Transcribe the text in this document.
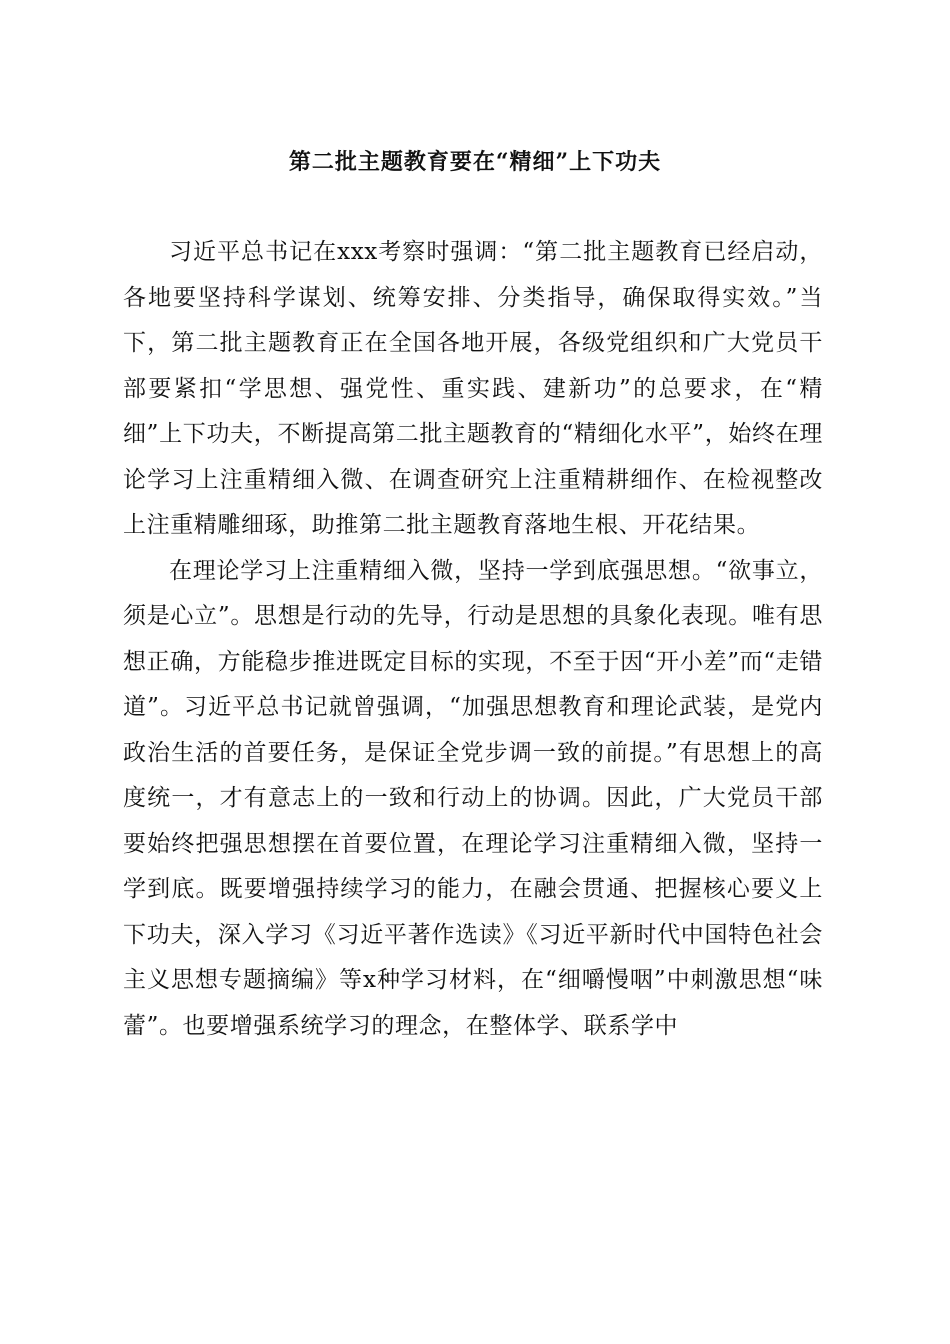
第二批主题教育要在“精细”上下功夫

习近平总书记在xxx考察时强调：“第二批主题教育已经启动，各地要坚持科学谋划、统筹安排、分类指导，确保取得实效。”当下，第二批主题教育正在全国各地开展，各级党组织和广大党员干部要紧扣“学思想、强党性、重实践、建新功”的总要求，在“精细”上下功夫，不断提高第二批主题教育的“精细化水平”，始终在理论学习上注重精细入微、在调查研究上注重精耕细作、在检视整改上注重精雕细琢，助推第二批主题教育落地生根、开花结果。

在理论学习上注重精细入微，坚持一学到底强思想。“欲事立，须是心立”。思想是行动的先导，行动是思想的具象化表现。唯有思想正确，方能稳步推进既定目标的实现，不至于因“开小差”而“走错道”。习近平总书记就曾强调，“加强思想教育和理论武装，是党内政治生活的首要任务，是保证全党步调一致的前提。”有思想上的高度统一，才有意志上的一致和行动上的协调。因此，广大党员干部要始终把强思想摆在首要位置，在理论学习注重精细入微，坚持一学到底。既要增强持续学习的能力，在融会贯通、把握核心要义上下功夫，深入学习《习近平著作选读》《习近平新时代中国特色社会主义思想专题摘编》等x种学习材料，在“细嚼慢咽”中刺激思想“味蕾”。也要增强系统学习的理念，在整体学、联系学中
